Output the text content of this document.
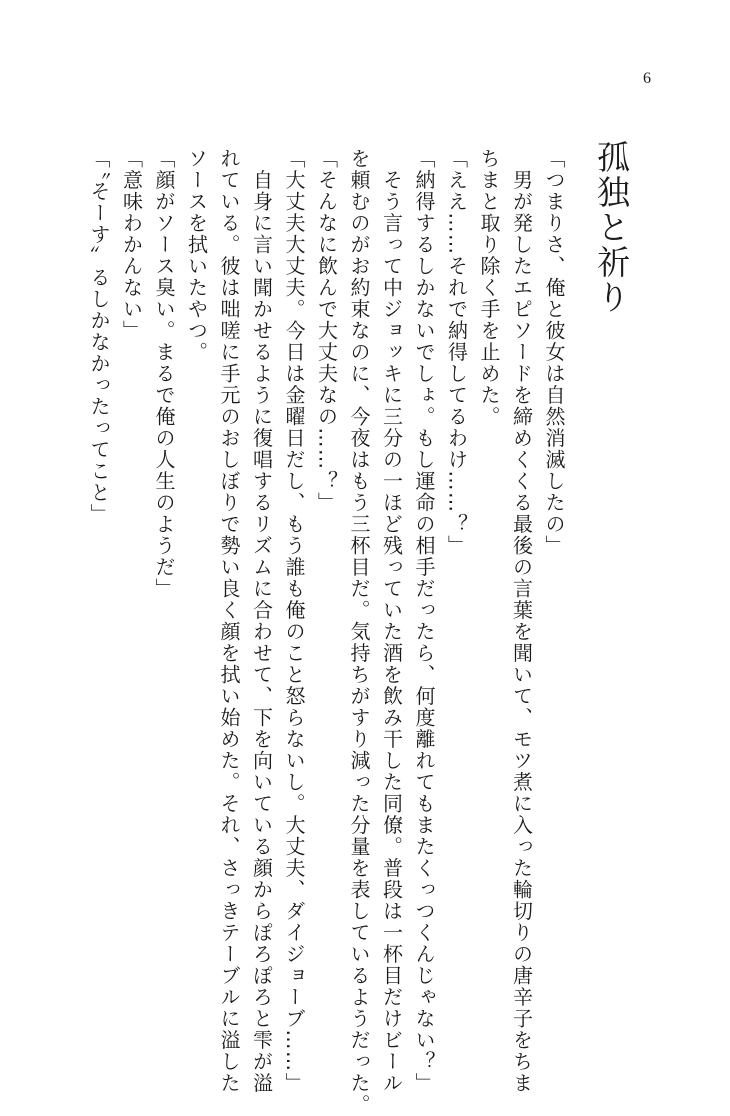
6
孤独と祈り

「つまりさ、俺と彼女は自然消滅したの」

　男が発したエピソードを締めくくる最後の言葉を聞いて、モツ煮に入った輪切りの唐辛子をちま

ちまと取り除く手を止めた。

「ええ……それで納得してるわけ……？」

「納得するしかないでしょ。もし運命の相手だったら、何度離れてもまたくっつくんじゃない？」

　そう言って中ジョッキに三分の一ほど残っていた酒を飲み干した同僚。普段は一杯目だけビール

を頼むのがお約束なのに、今夜はもう三杯目だ。気持ちがすり減った分量を表しているようだった。

「そんなに飲んで大丈夫なの……？」

「大丈夫大丈夫。今日は金曜日だし、もう誰も俺のこと怒らないし。大丈夫、ダイジョーブ……」

　自身に言い聞かせるように復唱するリズムに合わせて、下を向いている顔からぽろぽろと雫が溢

れている。彼は咄嗟に手元のおしぼりで勢い良く顔を拭い始めた。それ、さっきテーブルに溢した

ソースを拭いたやつ。

「顔がソース臭い。まるで俺の人生のようだ」

「意味わかんない」

「〝そーす〟るしかなかったってこと」
